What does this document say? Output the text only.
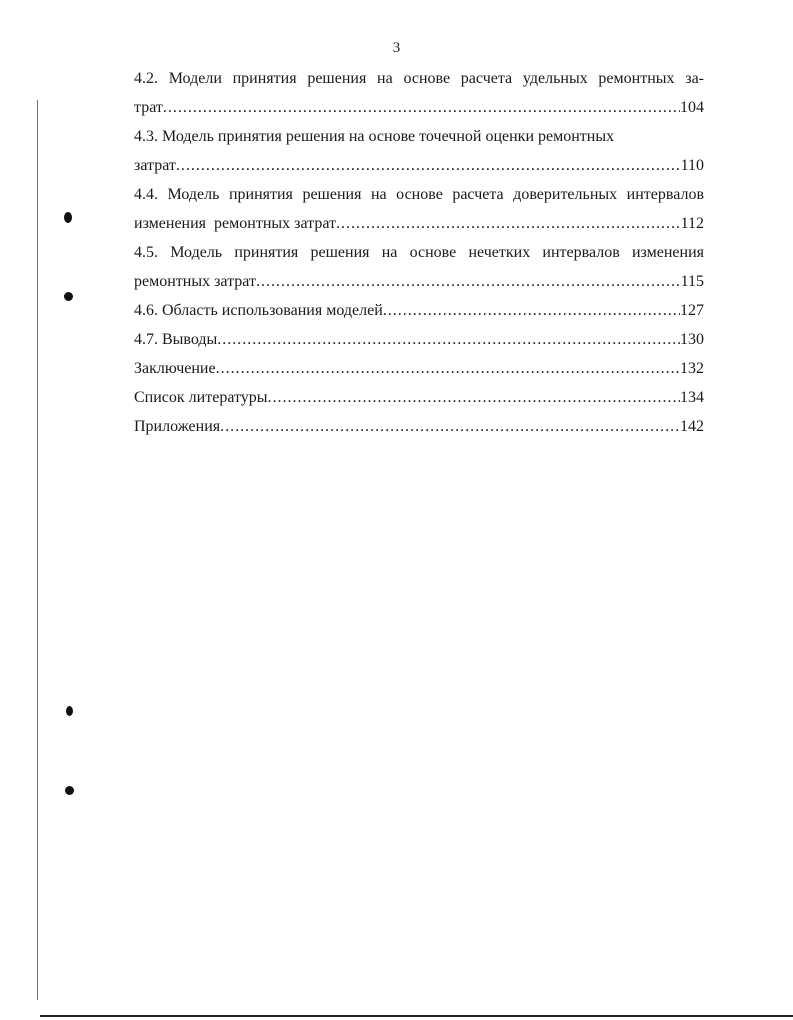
3
4.2. Модели принятия решения на основе расчета удельных ремонтных за-
трат .....	104
4.3. Модель принятия решения на основе точечной оценки ремонтных
затрат .....	110
4.4. Модель принятия решения на основе расчета доверительных интервалов
изменения  ремонтных затрат .....	112
4.5. Модель принятия решения на основе нечетких интервалов изменения
ремонтных затрат .....	115
4.6. Область использования моделей .....	127
4.7. Выводы .....	130
Заключение .....	132
Список литературы .....	134
Приложения .....	142
